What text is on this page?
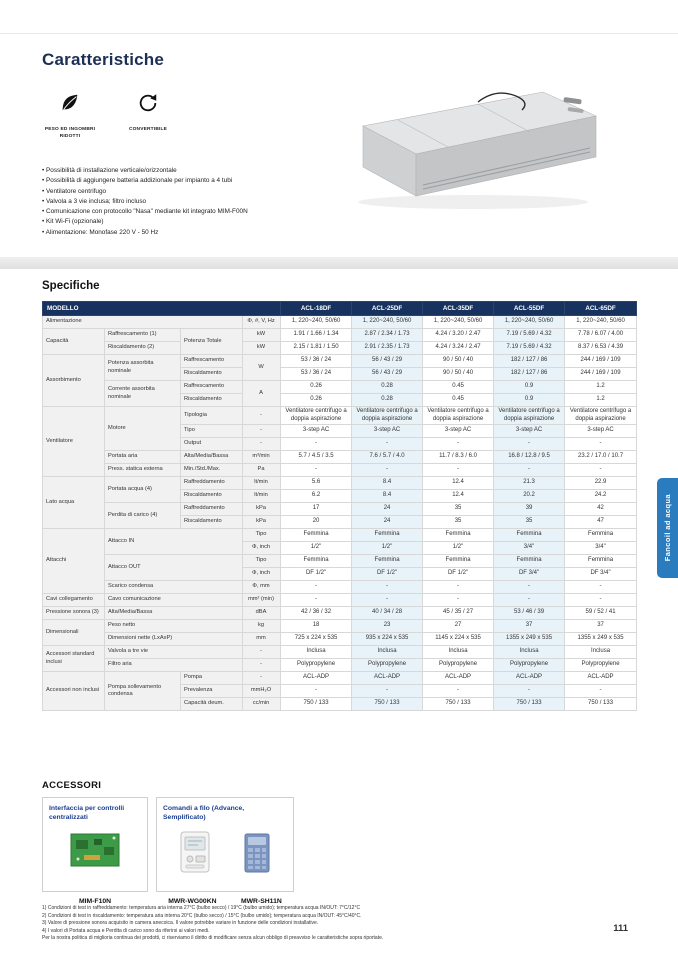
Caratteristiche
PESO ED INGOMBRI RIDOTTI
CONVERTIBILE
• Possibilità di installazione verticale/orizzontale
• Possibilità di aggiungere batteria addizionale per impianto a 4 tubi
• Ventilatore centrifugo
• Valvola a 3 vie inclusa; filtro incluso
• Comunicazione con protocollo "Nasa" mediante kit integrato MIM-F00N
• Kit Wi-Fi (opzionale)
• Alimentazione: Monofase 220 V - 50 Hz
Specifiche
MODELLO				ACL-18DF	ACL-25DF	ACL-35DF	ACL-55DF	ACL-65DF
Alimentazione			Φ, #, V, Hz	1, 220~240, 50/60	1, 220~240, 50/60	1, 220~240, 50/60	1, 220~240, 50/60	1, 220~240, 50/60
Capacità	Raffrescamento (1)	Potenza Totale	kW	1.91 / 1.66 / 1.34	2.87 / 2.34 / 1.73	4.24 / 3.20 / 2.47	7.19 / 5.69 / 4.32	7.78 / 6.07 / 4.00
	Riscaldamento (2)		kW	2.15 / 1.81 / 1.50	2.91 / 2.35 / 1.73	4.24 / 3.24 / 2.47	7.19 / 5.69 / 4.32	8.37 / 6.53 / 4.39
Assorbimento	Potenza assorbita nominale	Raffrescamento	W	53 / 36 / 24	56 / 43 / 29	90 / 50 / 40	182 / 127 / 86	244 / 169 / 109
		Riscaldamento		53 / 36 / 24	56 / 43 / 29	90 / 50 / 40	182 / 127 / 86	244 / 169 / 109
	Corrente assorbita nominale	Raffrescamento	A	0.26	0.28	0.45	0.9	1.2
		Riscaldamento		0.26	0.28	0.45	0.9	1.2
Ventilatore	Motore	Tipologia	-	Ventilatore centrifugo a doppia aspirazione	Ventilatore centrifugo a doppia aspirazione	Ventilatore centrifugo a doppia aspirazione	Ventilatore centrifugo a doppia aspirazione	Ventilatore centrifugo a doppia aspirazione
		Tipo	-	3-step AC	3-step AC	3-step AC	3-step AC	3-step AC
		Output	-	-	-	-	-	-
	Portata aria	Alta/Media/Bassa	m³/min	5.7 / 4.5 / 3.5	7.6 / 5.7 / 4.0	11.7 / 8.3 / 6.0	16.8 / 12.8 / 9.5	23.2 / 17.0 / 10.7
	Press. statica esterna	Min./Std./Max.	Pa	-	-	-	-	-
Lato acqua	Portata acqua (4)	Raffreddamento	lt/min	5.6	8.4	12.4	21.3	22.9
		Riscaldamento	lt/min	6.2	8.4	12.4	20.2	24.2
	Perdita di carico (4)	Raffreddamento	kPa	17	24	35	39	42
		Riscaldamento	kPa	20	24	35	35	47
Attacchi	Attacco IN		Tipo	Femmina	Femmina	Femmina	Femmina	Femmina
			Φ, inch	1/2"	1/2"	1/2"	3/4"	3/4"
	Attacco OUT		Tipo	Femmina	Femmina	Femmina	Femmina	Femmina
			Φ, inch	DF 1/2"	DF 1/2"	DF 1/2"	DF 3/4"	DF 3/4"
	Scarico condensa		Φ, mm	-	-	-	-	-
Cavi collegamento	Cavo comunicazione		mm² (min)	-	-	-	-	-
Pressione sonora (3)	Alta/Media/Bassa		dBA	42 / 36 / 32	40 / 34 / 28	45 / 35 / 27	53 / 46 / 39	59 / 52 / 41
Dimensionali	Peso netto		kg	18	23	27	37	37
	Dimensioni nette (LxAxP)		mm	725 x 224 x 535	935 x 224 x 535	1145 x 224 x 535	1355 x 249 x 535	1355 x 249 x 535
Accessori standard inclusi	Valvola a tre vie		-	Inclusa	Inclusa	Inclusa	Inclusa	Inclusa
	Filtro aria		-	Polypropylene	Polypropylene	Polypropylene	Polypropylene	Polypropylene
Accessori non inclusi	Pompa sollevamento condensa	Pompa	-	ACL-ADP	ACL-ADP	ACL-ADP	ACL-ADP	ACL-ADP
		Prevalenza	mmH₂O	-	-	-	-	-
		Capacità deum.	cc/min	750 / 133	750 / 133	750 / 133	750 / 133	750 / 133
ACCESSORI
Interfaccia per controlli centralizzati
Comandi a filo (Advance, Semplificato)
MIM-F10N	MWR-WG00KN	MWR-SH11N
1) Condizioni di test in raffreddamento: temperatura aria interna 27°C (bulbo secco) / 19°C (bulbo umido); temperatura acqua IN/OUT: 7°C/12°C
2) Condizioni di test in riscaldamento: temperatura aria interna 20°C (bulbo secco) / 15°C (bulbo umido); temperatura acqua IN/OUT: 45°C/40°C.
3) Valore di pressione sonora acquisito in camera anecoica. Il valore potrebbe variare in funzione delle condizioni installative.
4) I valori di Portata acqua e Perdita di carico sono da riferirsi ai valori medi.
Per la nostra politica di miglioria continua dei prodotti, ci riserviamo il diritto di modificare senza alcun obbligo di preavviso le caratteristiche sopra riportate.
111
Fancoil ad acqua
